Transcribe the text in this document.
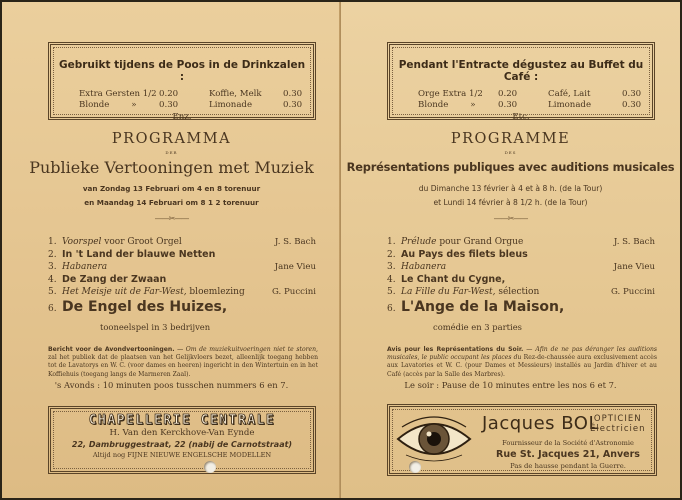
Gebruikt tijdens de Poos in de Drinkzalen :
Extra Gersten 1/2 0.20	Koffie, Melk	0.30
Blonde        »	0.30	Limonade	0.30
Enz.
PROGRAMMA
DER
Publieke Vertooningen met Muziek
van Zondag 13 Februari om 4 en 8 torenuur
en Maandag 14 Februari om 8 1 2 torenuur
——✂——
1. Voorspel voor Groot Orgel	J. S. Bach
2. In 't Land der blauwe Netten
3. Habanera	Jane Vieu
4. De Zang der Zwaan
5. Het Meisje uit de Far-West, bloemlezing	G. Puccini
6. De Engel des Huizes,
tooneelspel in 3 bedrijven
Bericht voor de Avondvertooningen. — Om de muziekuitvoeringen niet te storen, zal het publiek dat de plaatsen van het Gelijkvloers bezet, alleenlijk toegang hebben tot de Lavatorys en W. C. (voor dames en heeren) ingericht in den Wintertuin en in het Koffiehuis (toegang langs de Marmeren Zaal).
's Avonds : 10 minuten poos tusschen nummers 6 en 7.
CHAPELLERIE CENTRALE
H. Van den Kerckhove-Van Eynde
22, Dambruggestraat, 22 (nabij de Carnotstraat)
Altijd nog FIJNE NIEUWE ENGELSCHE MODELLEN
Pendant l'Entracte dégustez au Buffet du Café :
Orge Extra 1/2	0.20	Café, Lait	0.30
Blonde        »	0.30	Limonade	0.30
Etc.
PROGRAMME
DES
Représentations publiques avec auditions musicales
du Dimanche 13 février à 4 et à 8 h. (de la Tour)
et Lundi 14 février à 8 1/2 h. (de la Tour)
——✂——
1. Prélude pour Grand Orgue	J. S. Bach
2. Au Pays des filets bleus
3. Habanera	Jane Vieu
4. Le Chant du Cygne,
5. La Fille du Far-West, sélection	G. Puccini
6. L'Ange de la Maison,
comédie en 3 parties
Avis pour les Représentations du Soir. — Afin de ne pas déranger les auditions musicales, le public occupant les places du Rez-de-chaussée aura exclusivement accès aux Lavatories et W. C. (pour Dames et Messieurs) installés au Jardin d'hiver et au Café (accès par la Salle des Marbres).
Le soir : Pause de 10 minutes entre les nos 6 et 7.
Jacques BOL
OPTICIEN
Électricien
Fournisseur de la Société d'Astronomie
Rue St. Jacques 21, Anvers
Pas de hausse pendant la Guerre.
